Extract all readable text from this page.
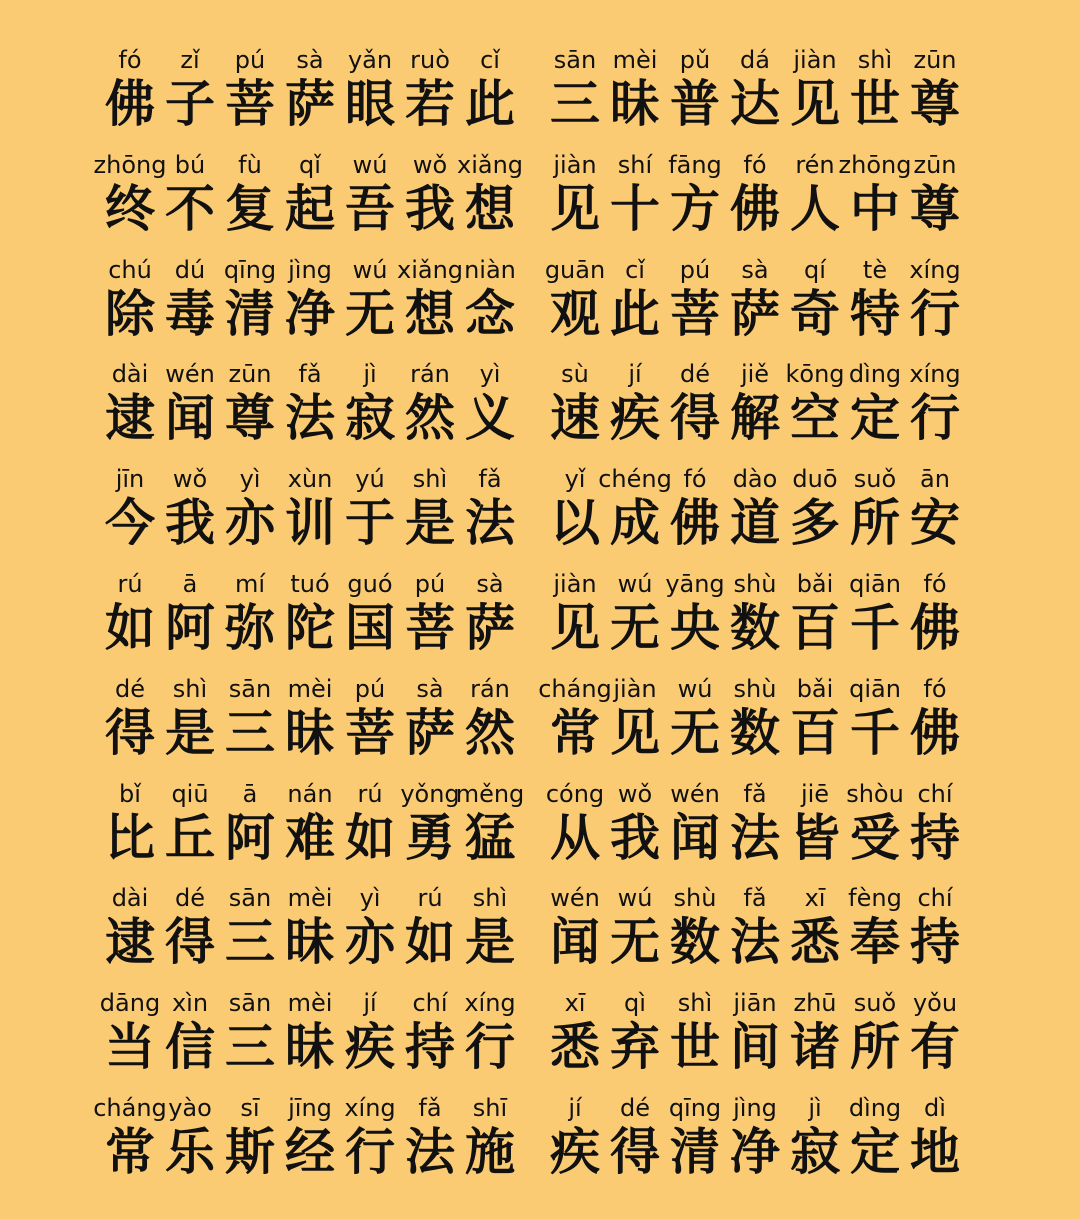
fó
佛
zǐ
子
pú
菩
sà
萨
yǎn
眼
ruò
若
cǐ
此
sān
三
mèi
昧
pǔ
普
dá
达
jiàn
见
shì
世
zūn
尊
zhōng
终
bú
不
fù
复
qǐ
起
wú
吾
wǒ
我
xiǎng
想
jiàn
见
shí
十
fāng
方
fó
佛
rén
人
zhōng
中
zūn
尊
chú
除
dú
毒
qīng
清
jìng
净
wú
无
xiǎng
想
niàn
念
guān
观
cǐ
此
pú
菩
sà
萨
qí
奇
tè
特
xíng
行
dài
逮
wén
闻
zūn
尊
fǎ
法
jì
寂
rán
然
yì
义
sù
速
jí
疾
dé
得
jiě
解
kōng
空
dìng
定
xíng
行
jīn
今
wǒ
我
yì
亦
xùn
训
yú
于
shì
是
fǎ
法
yǐ
以
chéng
成
fó
佛
dào
道
duō
多
suǒ
所
ān
安
rú
如
ā
阿
mí
弥
tuó
陀
guó
国
pú
菩
sà
萨
jiàn
见
wú
无
yāng
央
shù
数
bǎi
百
qiān
千
fó
佛
dé
得
shì
是
sān
三
mèi
昧
pú
菩
sà
萨
rán
然
cháng
常
jiàn
见
wú
无
shù
数
bǎi
百
qiān
千
fó
佛
bǐ
比
qiū
丘
ā
阿
nán
难
rú
如
yǒng
勇
měng
猛
cóng
从
wǒ
我
wén
闻
fǎ
法
jiē
皆
shòu
受
chí
持
dài
逮
dé
得
sān
三
mèi
昧
yì
亦
rú
如
shì
是
wén
闻
wú
无
shù
数
fǎ
法
xī
悉
fèng
奉
chí
持
dāng
当
xìn
信
sān
三
mèi
昧
jí
疾
chí
持
xíng
行
xī
悉
qì
弃
shì
世
jiān
间
zhū
诸
suǒ
所
yǒu
有
cháng
常
yào
乐
sī
斯
jīng
经
xíng
行
fǎ
法
shī
施
jí
疾
dé
得
qīng
清
jìng
净
jì
寂
dìng
定
dì
地
